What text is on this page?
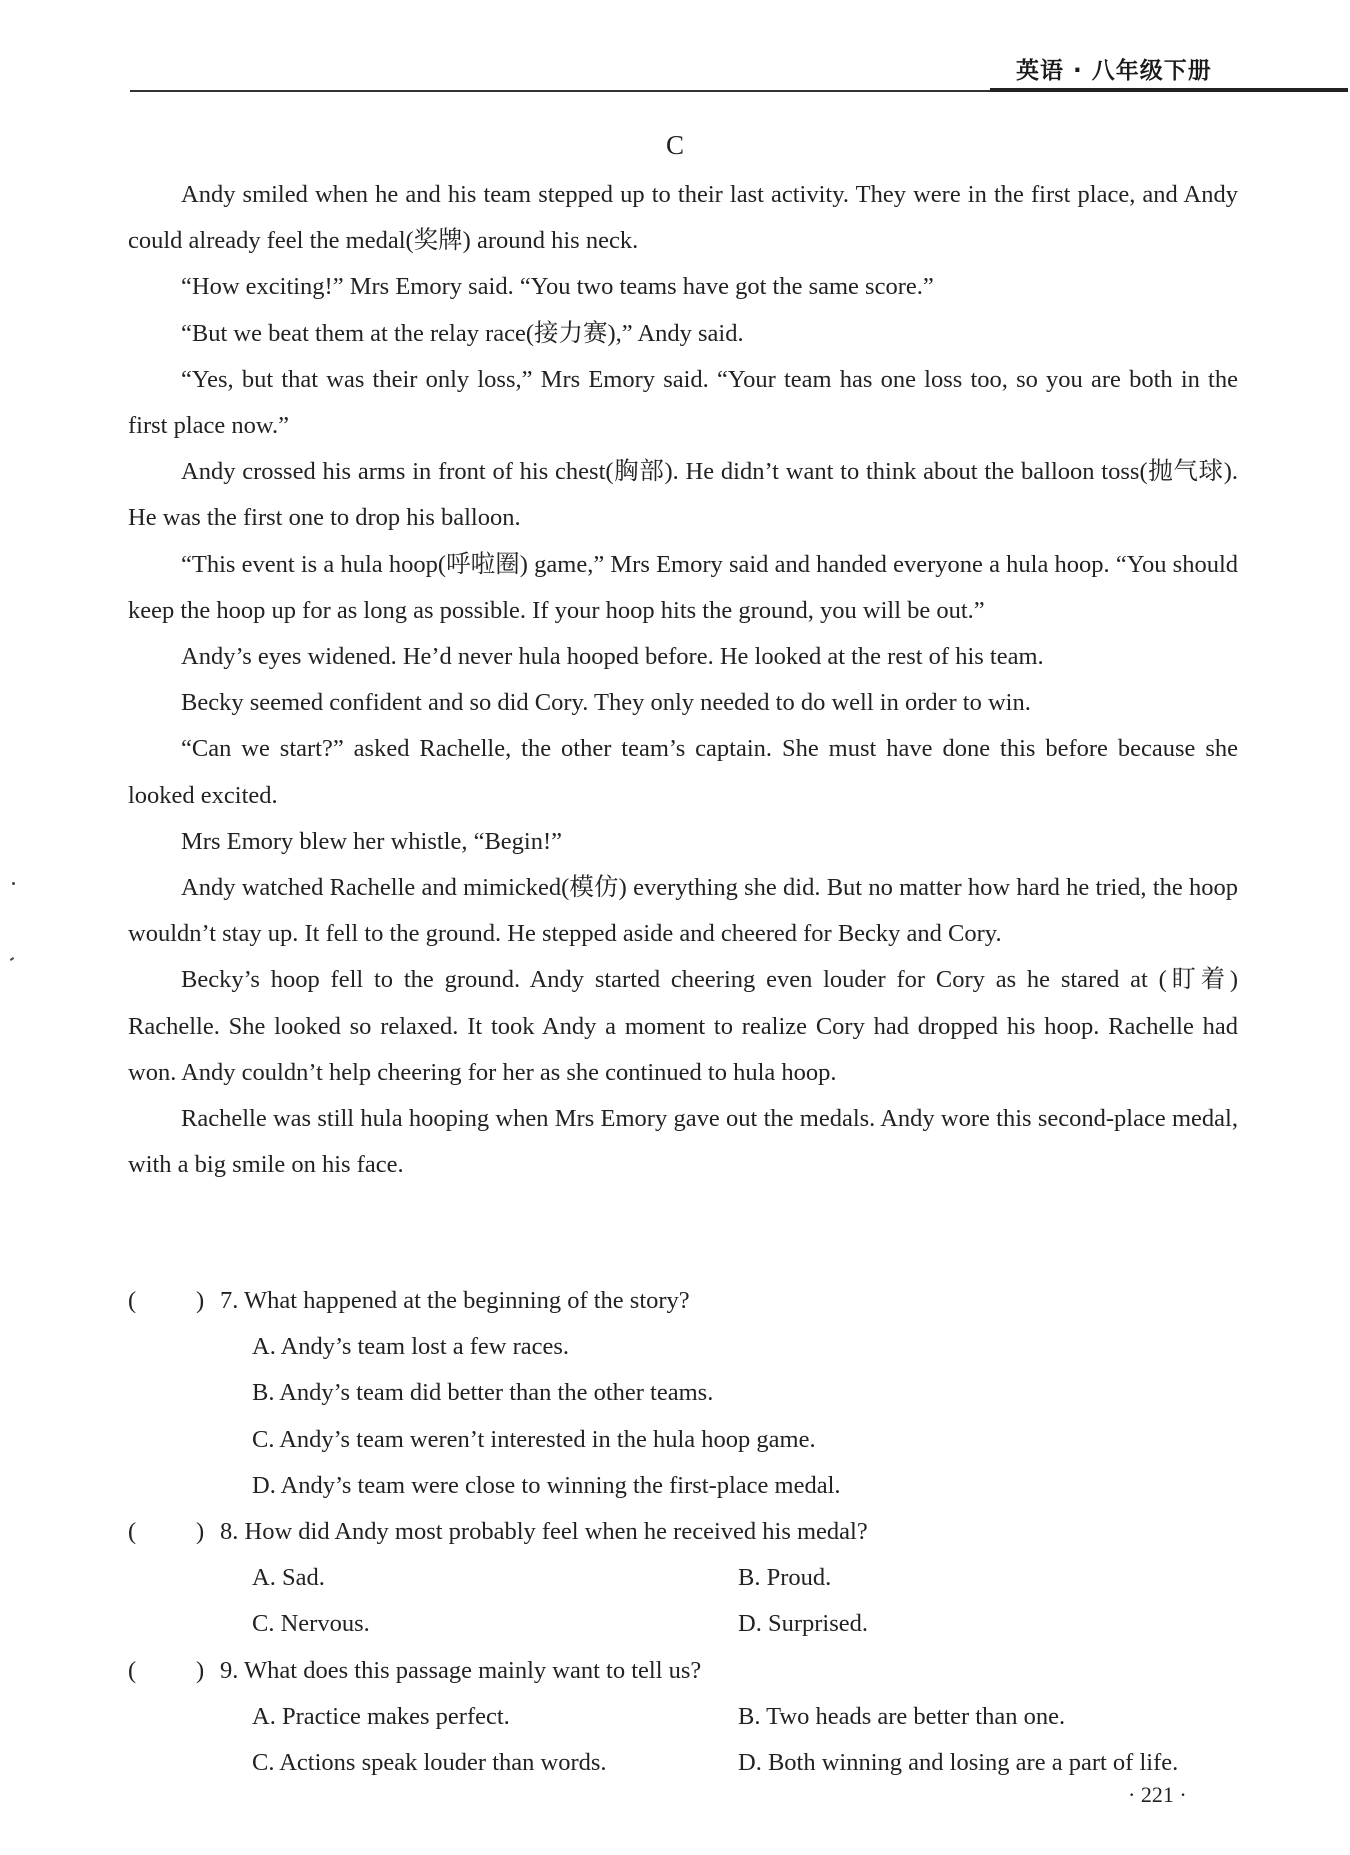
英语 · 八年级下册
C

Andy smiled when he and his team stepped up to their last activity. They were in the first place, and Andy could already feel the medal(奖牌) around his neck.

“How exciting!” Mrs Emory said. “You two teams have got the same score.”

“But we beat them at the relay race(接力赛),” Andy said.

“Yes, but that was their only loss,” Mrs Emory said. “Your team has one loss too, so you are both in the first place now.”

Andy crossed his arms in front of his chest(胸部). He didn’t want to think about the balloon toss(抛气球). He was the first one to drop his balloon.

“This event is a hula hoop(呼啦圈) game,” Mrs Emory said and handed everyone a hula hoop. “You should keep the hoop up for as long as possible. If your hoop hits the ground, you will be out.”

Andy’s eyes widened. He’d never hula hooped before. He looked at the rest of his team.

Becky seemed confident and so did Cory. They only needed to do well in order to win.

“Can we start?” asked Rachelle, the other team’s captain. She must have done this before because she looked excited.

Mrs Emory blew her whistle, “Begin!”

Andy watched Rachelle and mimicked(模仿) everything she did. But no matter how hard he tried, the hoop wouldn’t stay up. It fell to the ground. He stepped aside and cheered for Becky and Cory.

Becky’s hoop fell to the ground. Andy started cheering even louder for Cory as he stared at (盯着) Rachelle. She looked so relaxed. It took Andy a moment to realize Cory had dropped his hoop. Rachelle had won. Andy couldn’t help cheering for her as she continued to hula hoop.

Rachelle was still hula hooping when Mrs Emory gave out the medals. Andy wore this second-place medal, with a big smile on his face.

( ) 7. What happened at the beginning of the story?
A. Andy’s team lost a few races.
B. Andy’s team did better than the other teams.
C. Andy’s team weren’t interested in the hula hoop game.
D. Andy’s team were close to winning the first-place medal.
( ) 8. How did Andy most probably feel when he received his medal?
A. Sad.	B. Proud.
C. Nervous.	D. Surprised.
( ) 9. What does this passage mainly want to tell us?
A. Practice makes perfect.	B. Two heads are better than one.
C. Actions speak louder than words.	D. Both winning and losing are a part of life.
· 221 ·
